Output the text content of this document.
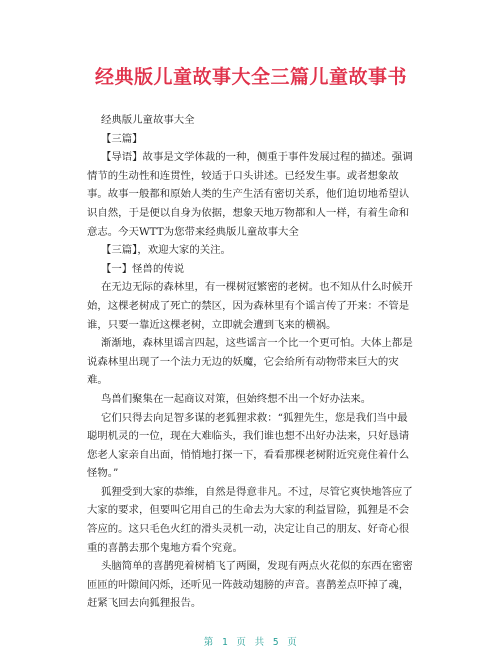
经典版儿童故事大全三篇儿童故事书

经典版儿童故事大全

【三篇】

【导语】故事是文学体裁的一种，侧重于事件发展过程的描述。强调情节的生动性和连贯性，较适于口头讲述。已经发生事。或者想象故事。故事一般都和原始人类的生产生活有密切关系，他们迫切地希望认识自然，于是便以自身为依据，想象天地万物都和人一样，有着生命和意志。今天WTT为您带来经典版儿童故事大全

【三篇】，欢迎大家的关注。

【一】怪兽的传说

在无边无际的森林里，有一棵树冠繁密的老树。也不知从什么时候开始，这棵老树成了死亡的禁区，因为森林里有个谣言传了开来：不管是谁，只要一靠近这棵老树，立即就会遭到飞来的横祸。

渐渐地，森林里谣言四起，这些谣言一个比一个更可怕。大体上都是说森林里出现了一个法力无边的妖魔，它会给所有动物带来巨大的灾难。

鸟兽们聚集在一起商议对策，但始终想不出一个好办法来。

它们只得去向足智多谋的老狐狸求救：“狐狸先生，您是我们当中最聪明机灵的一位，现在大难临头，我们谁也想不出好办法来，只好恳请您老人家亲自出面，悄悄地打探一下，看看那棵老树附近究竟住着什么怪物。”

狐狸受到大家的恭维，自然是得意非凡。不过，尽管它爽快地答应了大家的要求，但要叫它用自己的生命去为大家的利益冒险，狐狸是不会答应的。这只毛色火红的滑头灵机一动，决定让自己的朋友、好奇心很重的喜鹊去那个鬼地方看个究竟。

头脑简单的喜鹊兜着树梢飞了两圈，发现有两点火花似的东西在密密匝匝的叶隙间闪烁，还听见一阵鼓动翅膀的声音。喜鹊差点吓掉了魂，赶紧飞回去向狐狸报告。

第 1 页 共 5 页
